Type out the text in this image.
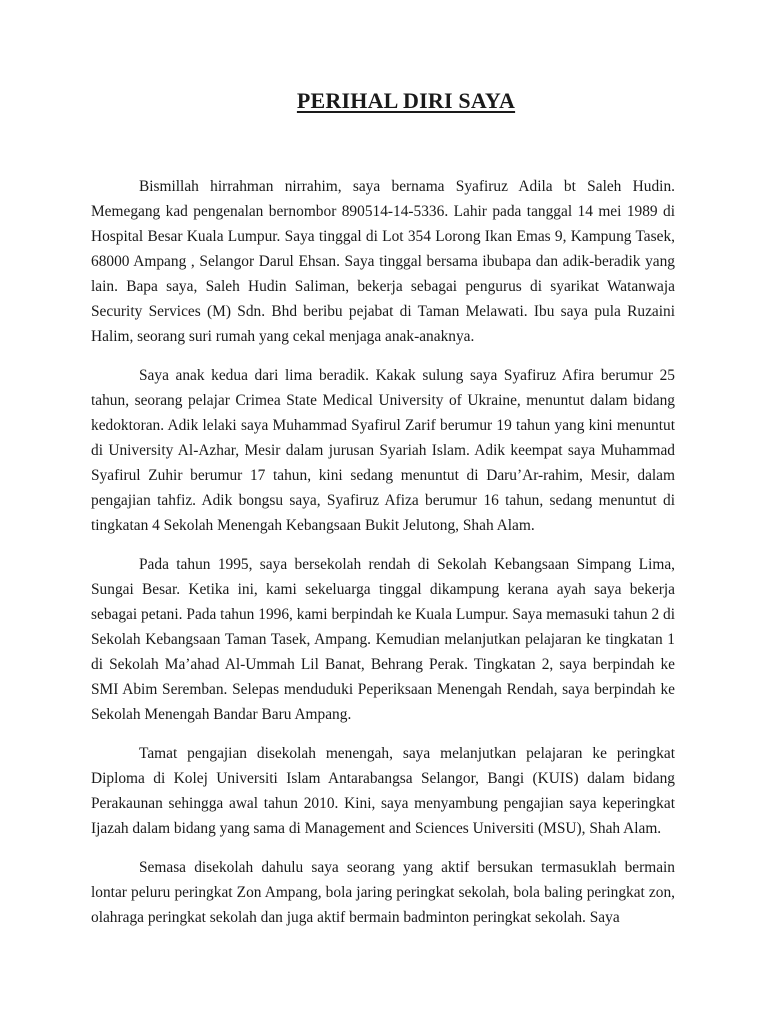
PERIHAL DIRI SAYA

Bismillah hirrahman nirrahim, saya bernama Syafiruz Adila bt Saleh Hudin. Memegang kad pengenalan bernombor 890514-14-5336. Lahir pada tanggal 14 mei 1989 di Hospital Besar Kuala Lumpur. Saya tinggal di Lot 354 Lorong Ikan Emas 9, Kampung Tasek, 68000 Ampang , Selangor Darul Ehsan. Saya tinggal bersama ibubapa dan adik-beradik yang lain. Bapa saya, Saleh Hudin Saliman, bekerja sebagai pengurus di syarikat Watanwaja Security Services (M) Sdn. Bhd beribu pejabat di Taman Melawati. Ibu saya pula Ruzaini Halim, seorang suri rumah yang cekal menjaga anak-anaknya.

Saya anak kedua dari lima beradik. Kakak sulung saya Syafiruz Afira berumur 25 tahun, seorang pelajar Crimea State Medical University of Ukraine, menuntut dalam bidang kedoktoran. Adik lelaki saya Muhammad Syafirul Zarif berumur 19 tahun yang kini menuntut di University Al-Azhar, Mesir dalam jurusan Syariah Islam. Adik keempat saya Muhammad Syafirul Zuhir berumur 17 tahun, kini sedang menuntut di Daru’Ar-rahim, Mesir, dalam pengajian tahfiz. Adik bongsu saya, Syafiruz Afiza berumur 16 tahun, sedang menuntut di tingkatan 4 Sekolah Menengah Kebangsaan Bukit Jelutong, Shah Alam.

Pada tahun 1995, saya bersekolah rendah di Sekolah Kebangsaan Simpang Lima, Sungai Besar. Ketika ini, kami sekeluarga tinggal dikampung kerana ayah saya bekerja sebagai petani. Pada tahun 1996, kami berpindah ke Kuala Lumpur. Saya memasuki tahun 2 di Sekolah Kebangsaan Taman Tasek, Ampang. Kemudian melanjutkan pelajaran ke tingkatan 1 di Sekolah Ma’ahad Al-Ummah Lil Banat, Behrang Perak. Tingkatan 2, saya berpindah ke SMI Abim Seremban. Selepas menduduki Peperiksaan Menengah Rendah, saya berpindah ke Sekolah Menengah Bandar Baru Ampang.

Tamat pengajian disekolah menengah, saya melanjutkan pelajaran ke peringkat Diploma di Kolej Universiti Islam Antarabangsa Selangor, Bangi (KUIS) dalam bidang Perakaunan sehingga awal tahun 2010. Kini, saya menyambung pengajian saya keperingkat Ijazah dalam bidang yang sama di Management and Sciences Universiti (MSU), Shah Alam.

Semasa disekolah dahulu saya seorang yang aktif bersukan termasuklah bermain lontar peluru peringkat Zon Ampang, bola jaring peringkat sekolah, bola baling peringkat zon, olahraga peringkat sekolah dan juga aktif bermain badminton peringkat sekolah. Saya
